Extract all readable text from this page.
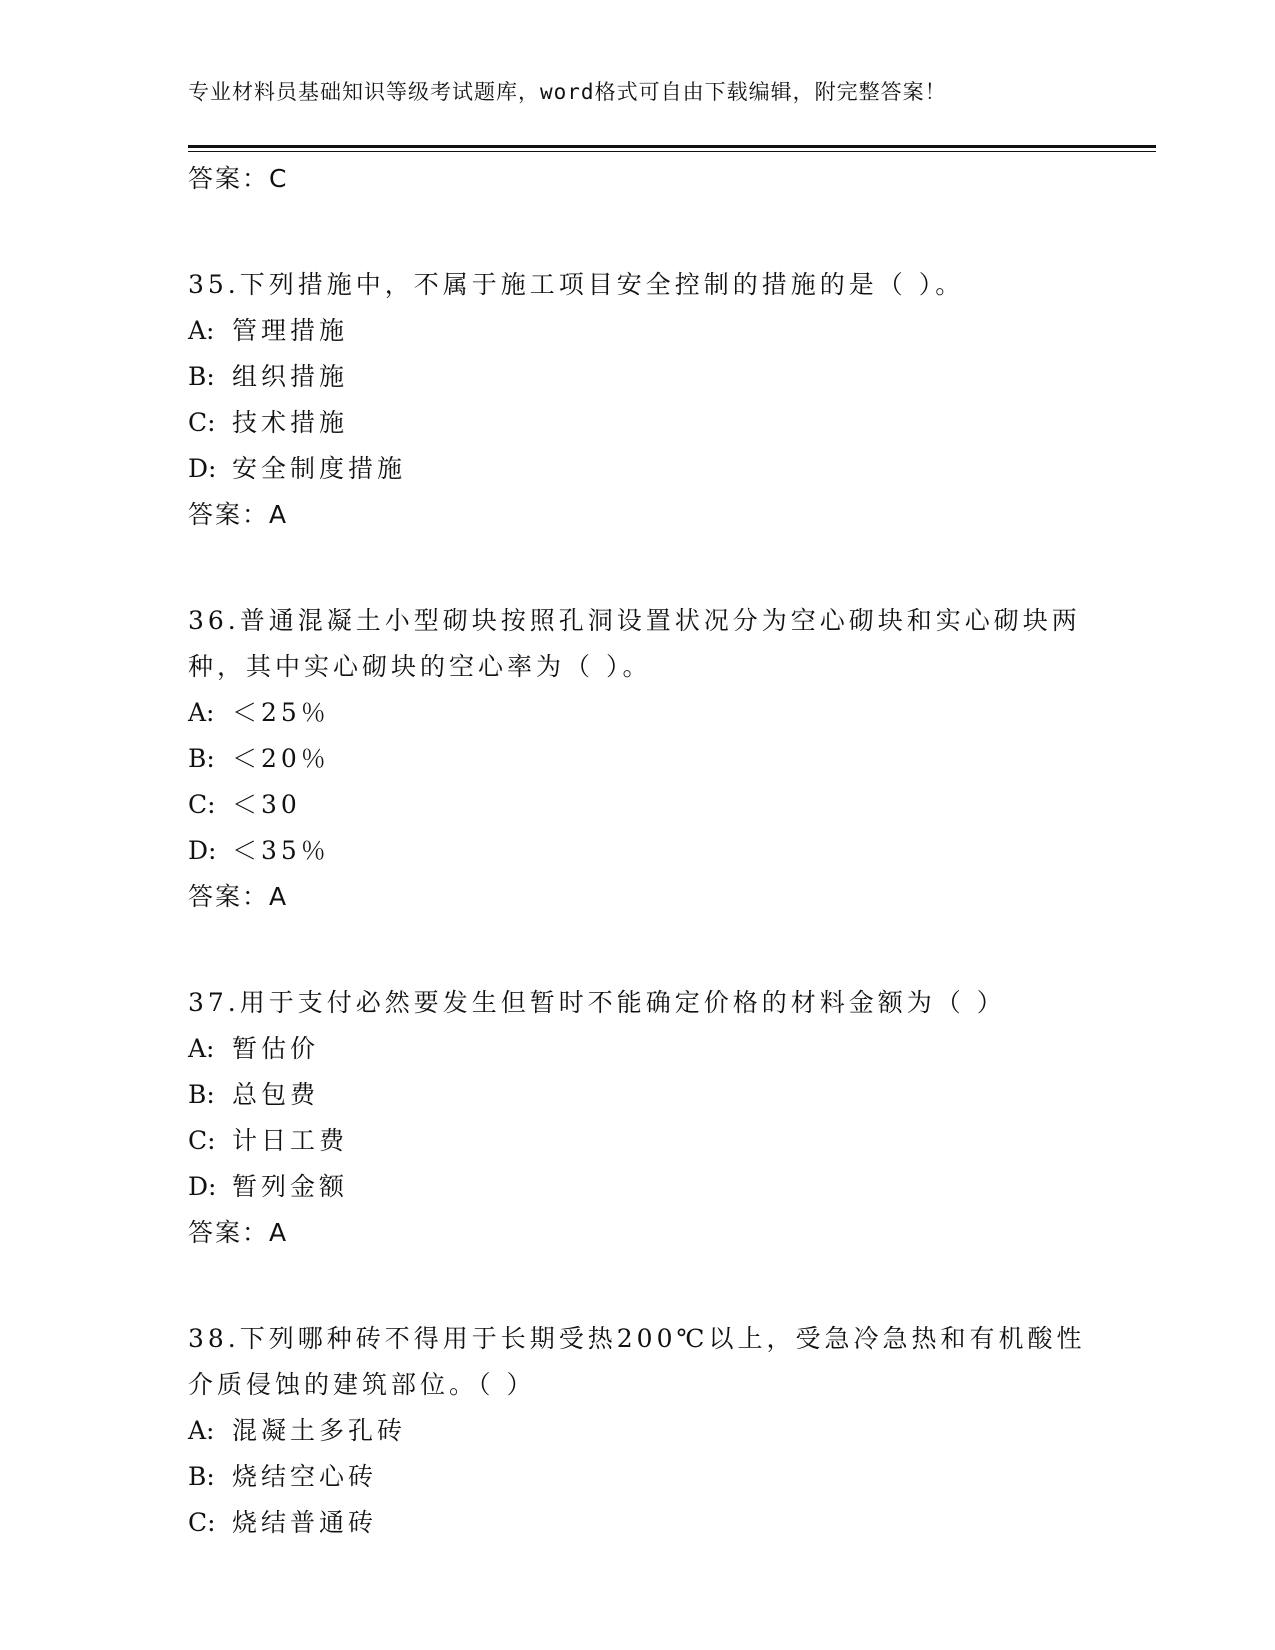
专业材料员基础知识等级考试题库，word格式可自由下载编辑，附完整答案！
答案：C
35.下列措施中，不属于施工项目安全控制的措施的是（ ）。
A: 管理措施
B: 组织措施
C: 技术措施
D: 安全制度措施
答案：A
36.普通混凝土小型砌块按照孔洞设置状况分为空心砌块和实心砌块两
种，其中实心砌块的空心率为（ ）。
A: ＜25％
B: ＜20％
C: ＜30
D: ＜35％
答案：A
37.用于支付必然要发生但暂时不能确定价格的材料金额为（ ）
A: 暂估价
B: 总包费
C: 计日工费
D: 暂列金额
答案：A
38.下列哪种砖不得用于长期受热200℃以上，受急冷急热和有机酸性
介质侵蚀的建筑部位。（ ）
A: 混凝土多孔砖
B: 烧结空心砖
C: 烧结普通砖
